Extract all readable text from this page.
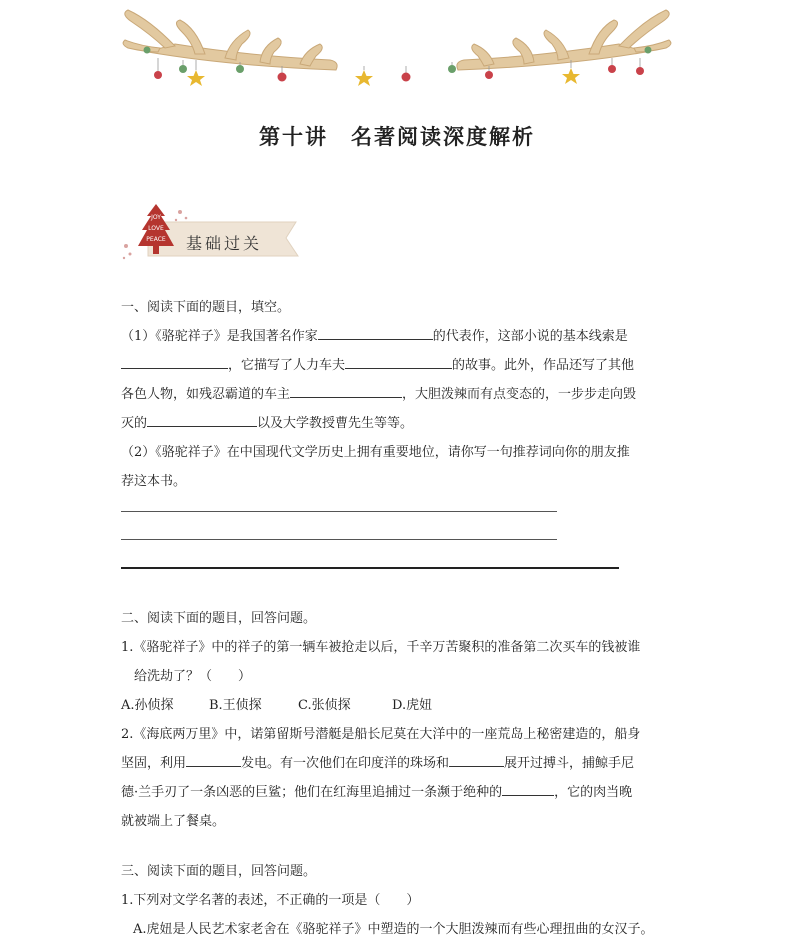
第十讲　名著阅读深度解析
JOY
LOVE
PEACE 基础过关
一、阅读下面的题目，填空。
（1）《骆驼祥子》是我国著名作家	的代表作，这部小说的基本线索是
，它描写了人力车夫	的故事。此外，作品还写了其他
各色人物，如残忍霸道的车主	，大胆泼辣而有点变态的，一步步走向毁
灭的	以及大学教授曹先生等等。
（2）《骆驼祥子》在中国现代文学历史上拥有重要地位，请你写一句推荐词向你的朋友推
荐这本书。
二、阅读下面的题目，回答问题。
1.《骆驼祥子》中的祥子的第一辆车被抢走以后，千辛万苦聚积的准备第二次买车的钱被谁
给洗劫了？（　　）
A.孙侦探	B.王侦探	C.张侦探	D.虎妞
2.《海底两万里》中，诺第留斯号潜艇是船长尼莫在大洋中的一座荒岛上秘密建造的，船身
坚固，利用	发电。有一次他们在印度洋的珠场和	展开过搏斗，捕鲸手尼
德·兰手刃了一条凶恶的巨鲨；他们在红海里追捕过一条濒于绝种的	，它的肉当晚
就被端上了餐桌。
三、阅读下面的题目，回答问题。
1.下列对文学名著的表述，不正确的一项是（　　）
A.虎妞是人民艺术家老舍在《骆驼祥子》中塑造的一个大胆泼辣而有些心理扭曲的女汉子。
